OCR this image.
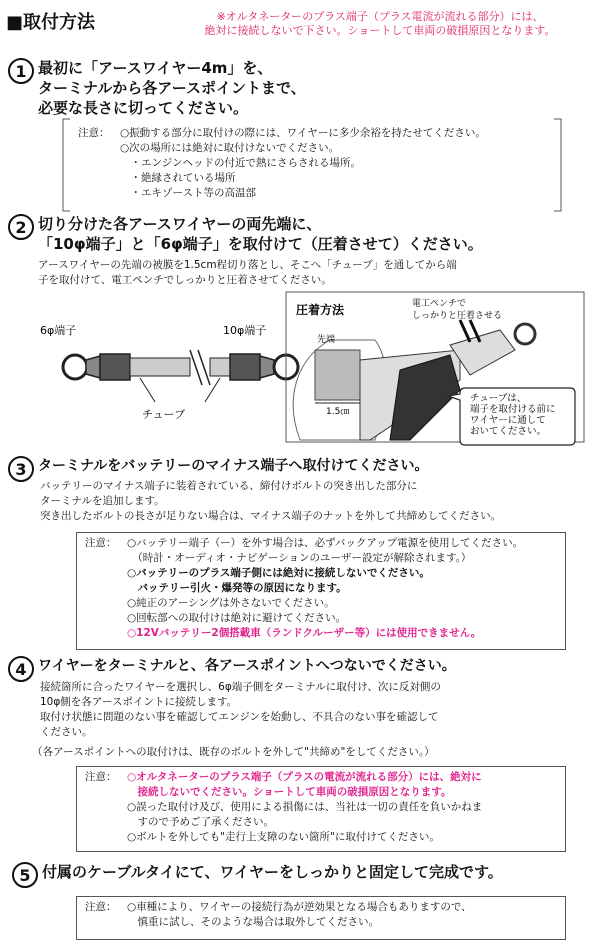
■取付方法	※オルタネーターのプラス端子（プラス電流が流れる部分）には、
絶対に接続しないで下さい。ショートして車両の破損原因となります。
1 最初に「アースワイヤー4m」を、
ターミナルから各アースポイントまで、
必要な長さに切ってください。
注意：	○振動する部分に取付けの際には、ワイヤーに多少余裕を持たせてください。
○次の場所には絶対に取付けないでください。
　・エンジンヘッドの付近で熱にさらされる場所。
　・絶縁されている場所
　・エキゾースト等の高温部
2 切り分けた各アースワイヤーの両先端に、
「10φ端子」と「6φ端子」を取付けて（圧着させて）ください。
アースワイヤーの先端の被膜を1.5cm程切り落とし、そこへ「チューブ」を通してから端
子を取付けて、電工ペンチでしっかりと圧着させてください。
6φ端子	10φ端子
チューブ
圧着方法
先端
1.5㎝
電工ペンチで
しっかりと圧着させる
チューブは、
端子を取付ける前に
ワイヤーに通して
おいてください。
3 ターミナルをバッテリーのマイナス端子へ取付けてください。
バッテリーのマイナス端子に装着されている、締付けボルトの突き出した部分に
ターミナルを追加します。
突き出したボルトの長さが足りない場合は、マイナス端子のナットを外して共締めしてください。
注意：	○バッテリー端子（ー）を外す場合は、必ずバックアップ電源を使用してください。
　（時計・オーディオ・ナビゲーションのユーザー設定が解除されます。）
○バッテリーのプラス端子側には絶対に接続しないでください。
　バッテリー引火・爆発等の原因になります。
○純正のアーシングは外さないでください。
○回転部への取付けは絶対に避けてください。
○12Vバッテリー2個搭載車（ランドクルーザー等）には使用できません。
4 ワイヤーをターミナルと、各アースポイントへつないでください。
接続箇所に合ったワイヤーを選択し、6φ端子側をターミナルに取付け、次に反対側の
10φ側を各アースポイントに接続します。
取付け状態に問題のない事を確認してエンジンを始動し、不具合のない事を確認して
ください。
（各アースポイントへの取付けは、既存のボルトを外して"共締め"をしてください。）
注意：	○オルタネーターのプラス端子（プラスの電流が流れる部分）には、絶対に
　接続しないでください。ショートして車両の破損原因となります。
○誤った取付け及び、使用による損傷には、当社は一切の責任を負いかねま
　すので予めご了承ください。
○ボルトを外しても"走行上支障のない箇所"に取付けてください。
5 付属のケーブルタイにて、ワイヤーをしっかりと固定して完成です。
注意：	○車種により、ワイヤーの接続行為が逆効果となる場合もありますので、
　慎重に試し、そのような場合は取外してください。
